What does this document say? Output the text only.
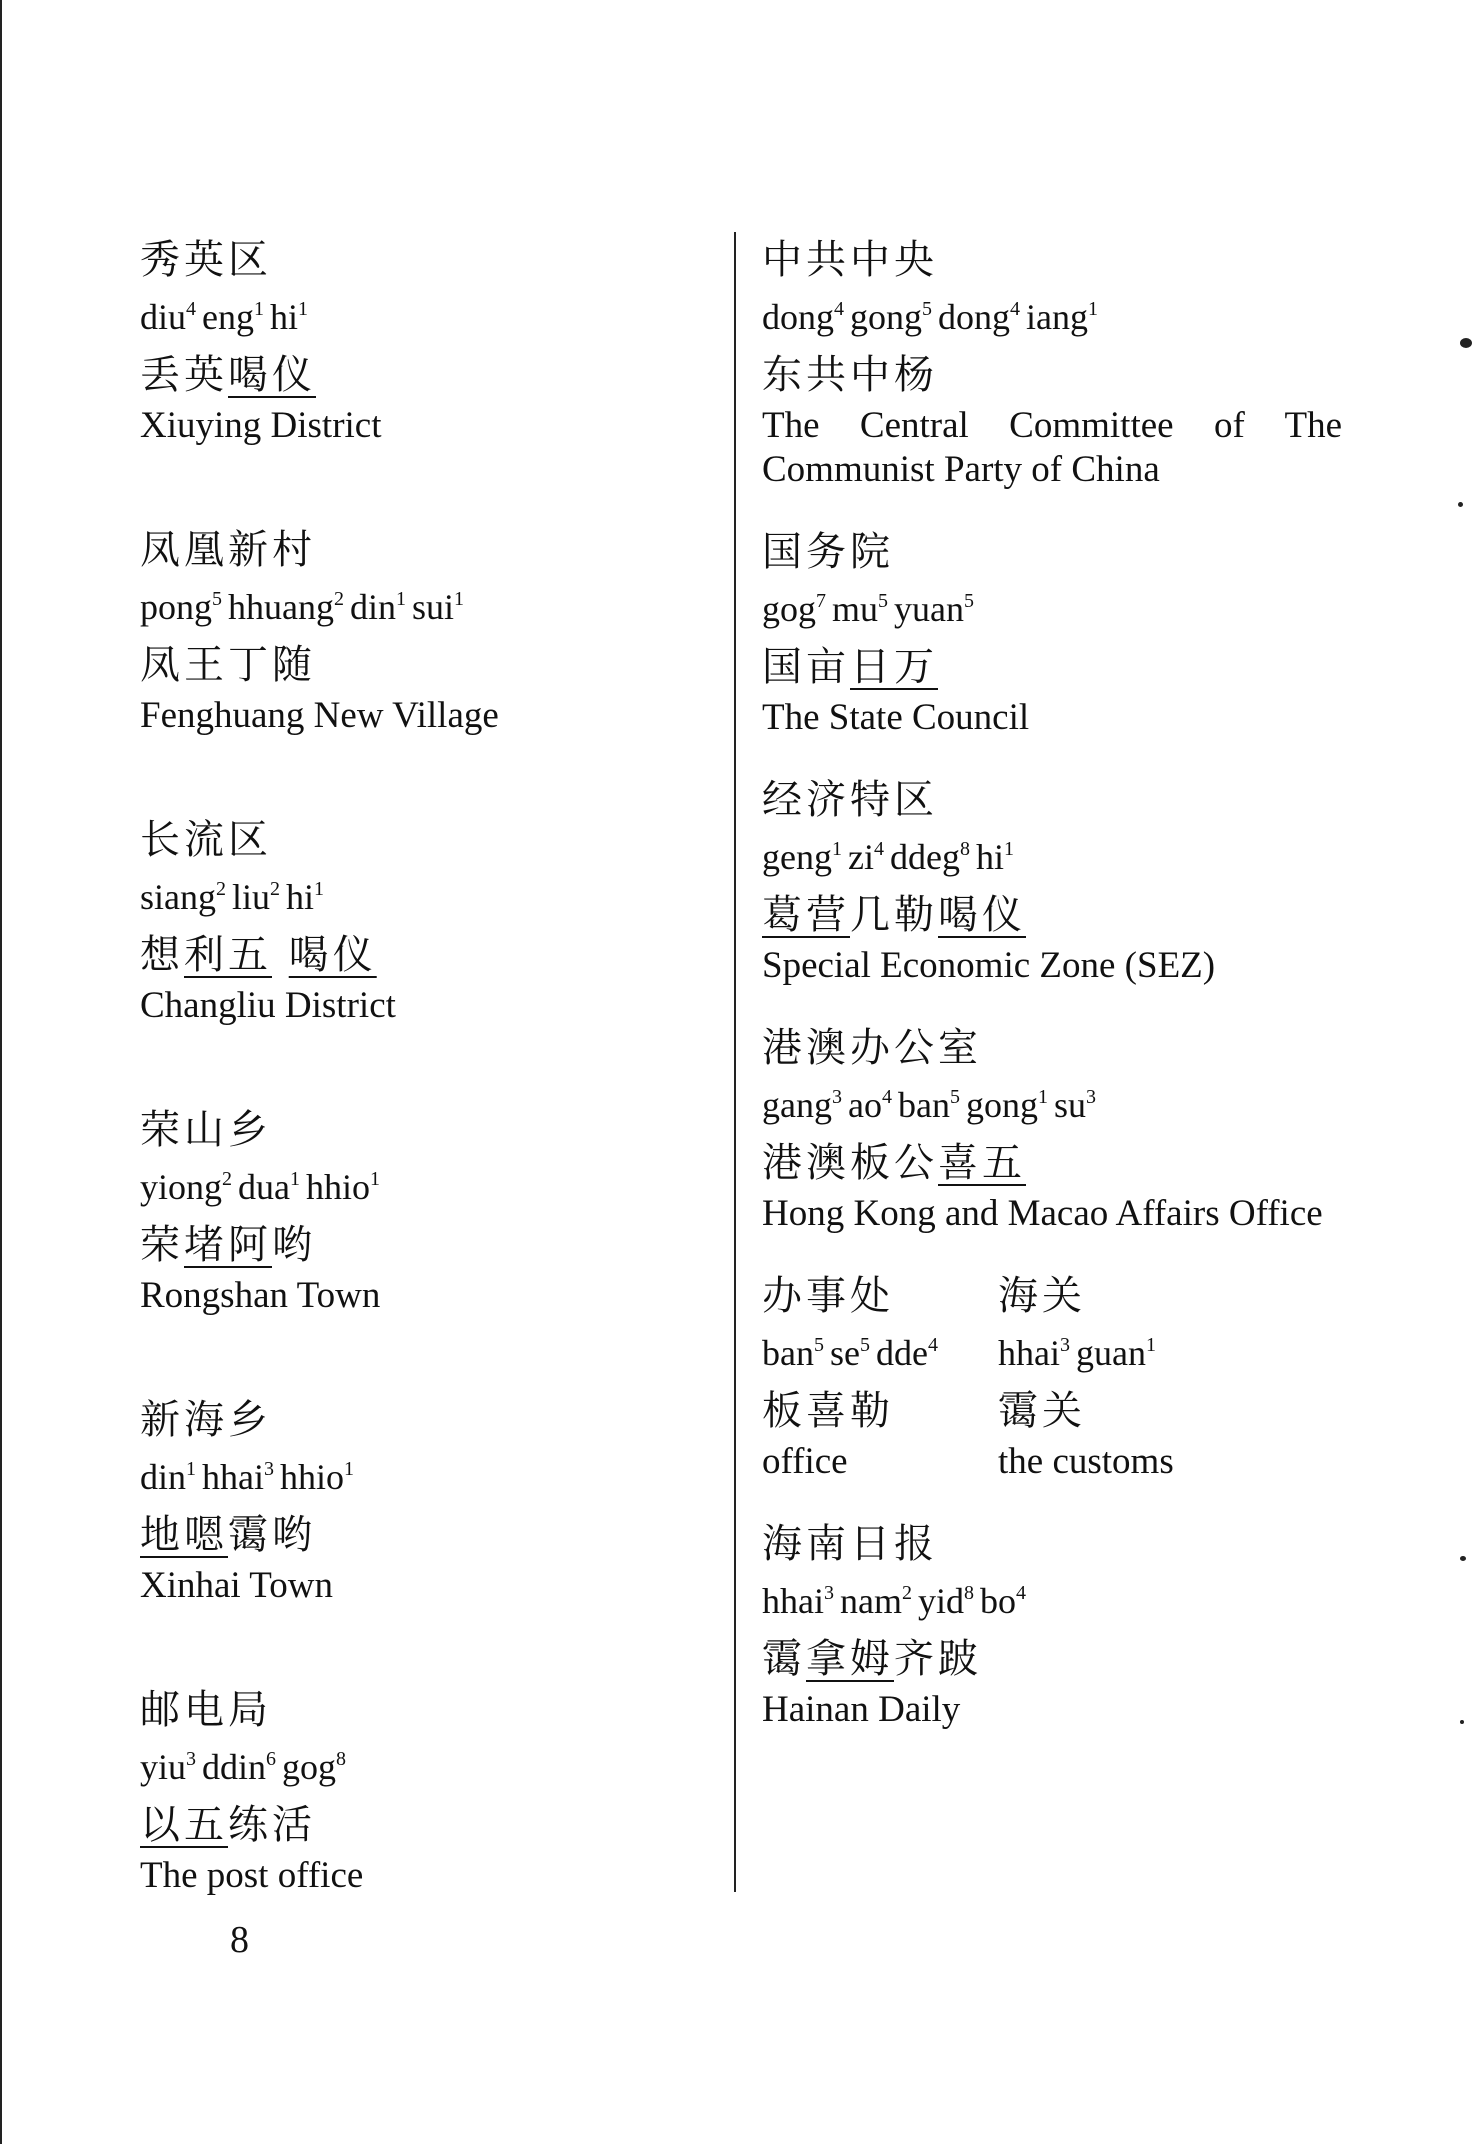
秀英区
diu$^4$ eng$^1$ $hi^1$
丢英喝仪
Xiuying District
凤凰新村
pong$^5$ hhuang$^2$ din$^1$ sui$^1$
凤王丁随
Fenghuang New Village
长流区
siang$^2$ liu$^2$ $hi^1$
想利五 喝仪
Changliu District
荣山乡
yiong$^2$ dua$^1$ hhio$^1$
荣堵阿哟
Rongshan Town
新海乡
din$^1$ hhai$^3$ hhio$^1$
地嗯霭哟
Xinhai Town
邮电局
yiu$^3$ ddin$^6$ gog$^8$
以五练活
The post office
中共中央
dong$^4$ gong$^5$ dong$^4$ iang$^1$
东共中杨
The Central Committee of The Communist Party of China
国务院
gog$^7$ $mu^5$ yuan$^5$
国亩日万
The State Council
经济特区
geng$^1$ $zi^4$ ddeg$^8$ $hi^1$
葛营几勒喝仪
Special Economic Zone (SEZ)
港澳办公室
gang$^3$ $ao^4$ ban$^5$ gong$^1$ $su^3$
港澳板公喜五
Hong Kong and Macao Affairs Office
办事处	海关
ban$^5$ $se^5$ dde$^4$	hhai$^3$ guan$^1$
板喜勒	霭关
office	the customs
海南日报
hhai$^3$ nam$^2$ yid$^8$ $bo^4$
霭拿姆齐跛
Hainan Daily
8
